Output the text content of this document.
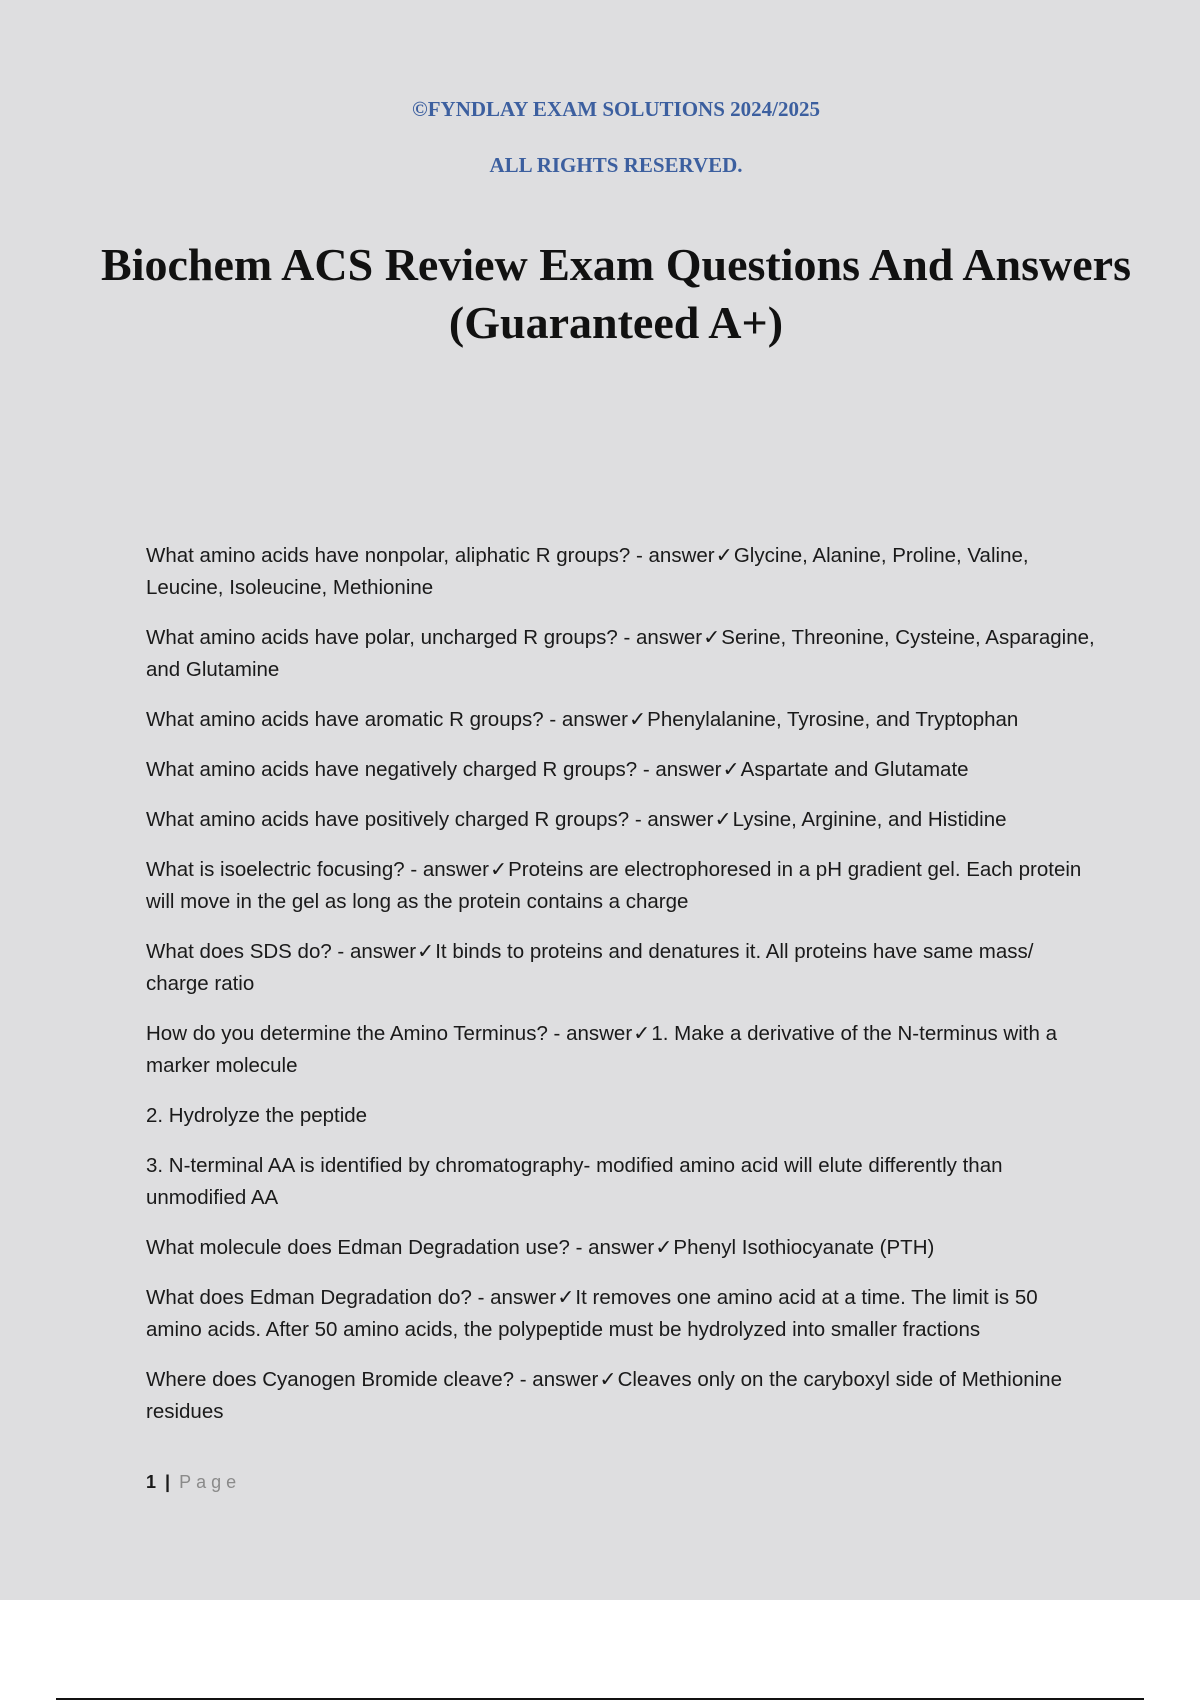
©FYNDLAY EXAM SOLUTIONS 2024/2025
ALL RIGHTS RESERVED.
Biochem ACS Review Exam Questions And Answers (Guaranteed A+)

What amino acids have nonpolar, aliphatic R groups? - answer✓Glycine, Alanine, Proline, Valine, Leucine, Isoleucine, Methionine

What amino acids have polar, uncharged R groups? - answer✓Serine, Threonine, Cysteine, Asparagine, and Glutamine

What amino acids have aromatic R groups? - answer✓Phenylalanine, Tyrosine, and Tryptophan

What amino acids have negatively charged R groups? - answer✓Aspartate and Glutamate

What amino acids have positively charged R groups? - answer✓Lysine, Arginine, and Histidine

What is isoelectric focusing? - answer✓Proteins are electrophoresed in a pH gradient gel. Each protein will move in the gel as long as the protein contains a charge

What does SDS do? - answer✓It binds to proteins and denatures it. All proteins have same mass/ charge ratio

How do you determine the Amino Terminus? - answer✓1. Make a derivative of the N-terminus with a marker molecule

2. Hydrolyze the peptide

3. N-terminal AA is identified by chromatography- modified amino acid will elute differently than unmodified AA

What molecule does Edman Degradation use? - answer✓Phenyl Isothiocyanate (PTH)

What does Edman Degradation do? - answer✓It removes one amino acid at a time. The limit is 50 amino acids. After 50 amino acids, the polypeptide must be hydrolyzed into smaller fractions

Where does Cyanogen Bromide cleave? - answer✓Cleaves only on the caryboxyl side of Methionine residues

1 | Page
